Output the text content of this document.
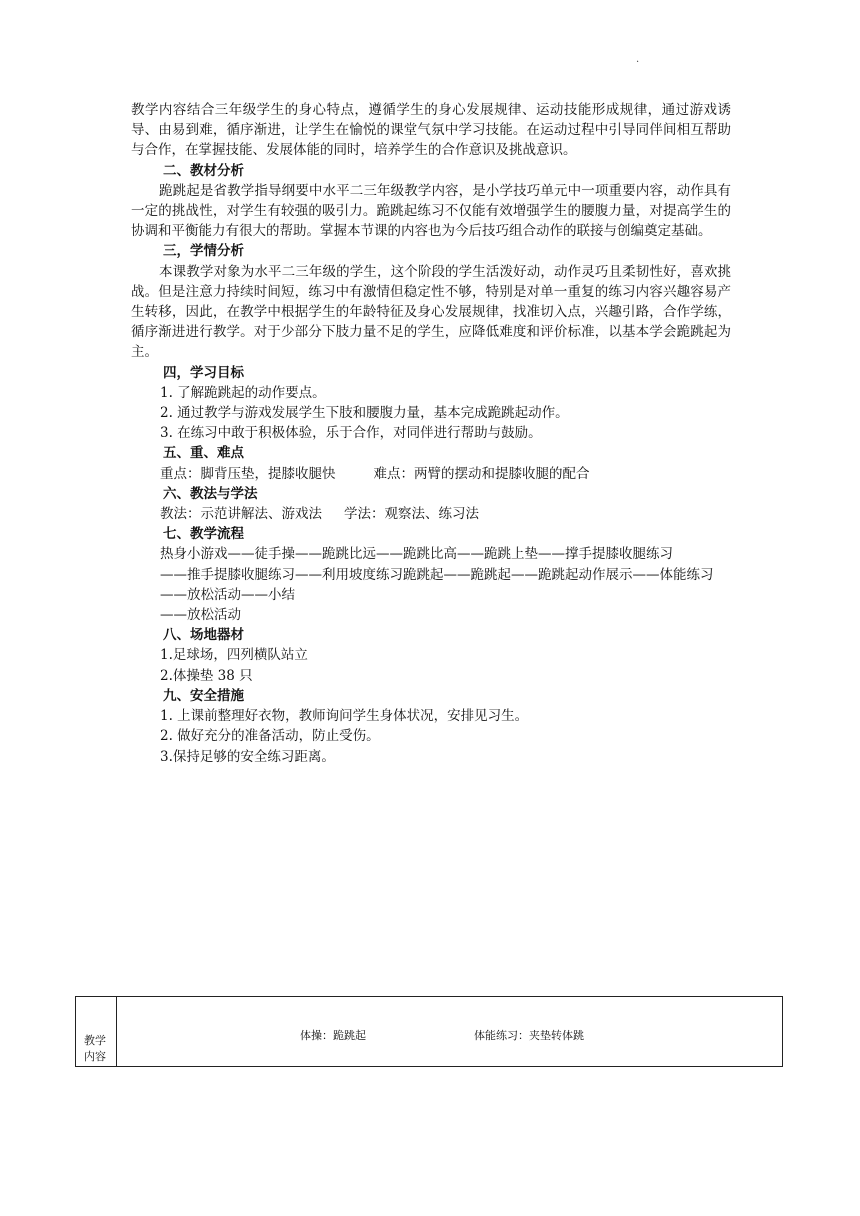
.

教学内容结合三年级学生的身心特点，遵循学生的身心发展规律、运动技能形成规律，通过游戏诱导、由易到难，循序渐进，让学生在愉悦的课堂气氛中学习技能。在运动过程中引导同伴间相互帮助与合作，在掌握技能、发展体能的同时，培养学生的合作意识及挑战意识。

二、教材分析

跪跳起是省教学指导纲要中水平二三年级教学内容，是小学技巧单元中一项重要内容，动作具有一定的挑战性，对学生有较强的吸引力。跪跳起练习不仅能有效增强学生的腰腹力量，对提高学生的协调和平衡能力有很大的帮助。掌握本节课的内容也为今后技巧组合动作的联接与创编奠定基础。

三，学情分析

本课教学对象为水平二三年级的学生，这个阶段的学生活泼好动，动作灵巧且柔韧性好，喜欢挑战。但是注意力持续时间短，练习中有激情但稳定性不够，特别是对单一重复的练习内容兴趣容易产生转移，因此，在教学中根据学生的年龄特征及身心发展规律，找准切入点，兴趣引路，合作学练，循序渐进进行教学。对于少部分下肢力量不足的学生，应降低难度和评价标准，以基本学会跪跳起为主。

四，学习目标

1. 了解跪跳起的动作要点。

2. 通过教学与游戏发展学生下肢和腰腹力量，基本完成跪跳起动作。

3. 在练习中敢于积极体验，乐于合作，对同伴进行帮助与鼓励。

五、重、难点

重点：脚背压垫，提膝收腿快	难点：两臂的摆动和提膝收腿的配合

六、教法与学法

教法：示范讲解法、游戏法 学法：观察法、练习法

七、教学流程

热身小游戏——徒手操——跪跳比远——跪跳比高——跪跳上垫——撑手提膝收腿练习

——推手提膝收腿练习——利用坡度练习跪跳起——跪跳起——跪跳起动作展示——体能练习——放松活动——小结

——放松活动

八、场地器材

1.足球场，四列横队站立

2.体操垫 38 只

九、安全措施

1. 上课前整理好衣物，教师询问学生身体状况，安排见习生。

2. 做好充分的准备活动，防止受伤。

3.保持足够的安全练习距离。

教学内容
体操：跪跳起	体能练习：夹垫转体跳
